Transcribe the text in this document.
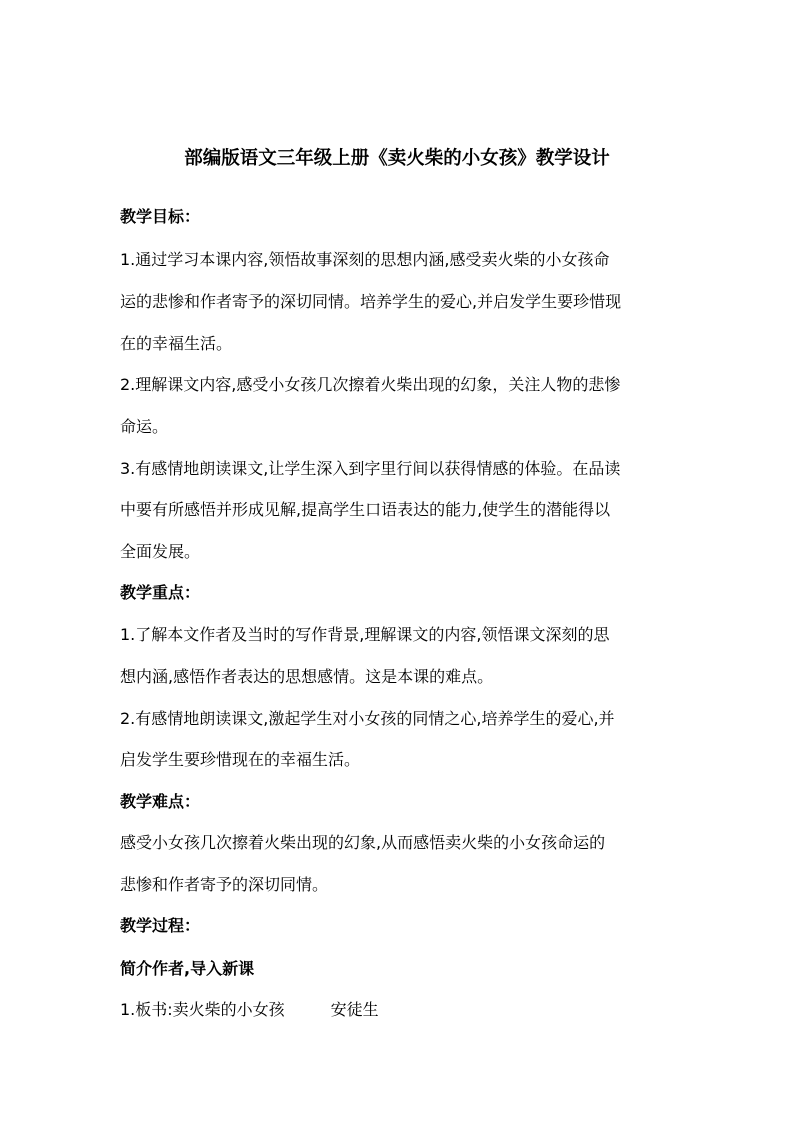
部编版语文三年级上册《卖火柴的小女孩》教学设计
教学目标：
1.通过学习本课内容,领悟故事深刻的思想内涵,感受卖火柴的小女孩命
运的悲惨和作者寄予的深切同情。培养学生的爱心,并启发学生要珍惜现
在的幸福生活。
2.理解课文内容,感受小女孩几次擦着火柴出现的幻象，关注人物的悲惨
命运。
3.有感情地朗读课文,让学生深入到字里行间以获得情感的体验。在品读
中要有所感悟并形成见解,提高学生口语表达的能力,使学生的潜能得以
全面发展。
教学重点：
1.了解本文作者及当时的写作背景,理解课文的内容,领悟课文深刻的思
想内涵,感悟作者表达的思想感情。这是本课的难点。
2.有感情地朗读课文,激起学生对小女孩的同情之心,培养学生的爱心,并
启发学生要珍惜现在的幸福生活。
教学难点：
感受小女孩几次擦着火柴出现的幻象,从而感悟卖火柴的小女孩命运的
悲惨和作者寄予的深切同情。
教学过程：
简介作者,导入新课
1.板书:卖火柴的小女孩	安徒生
